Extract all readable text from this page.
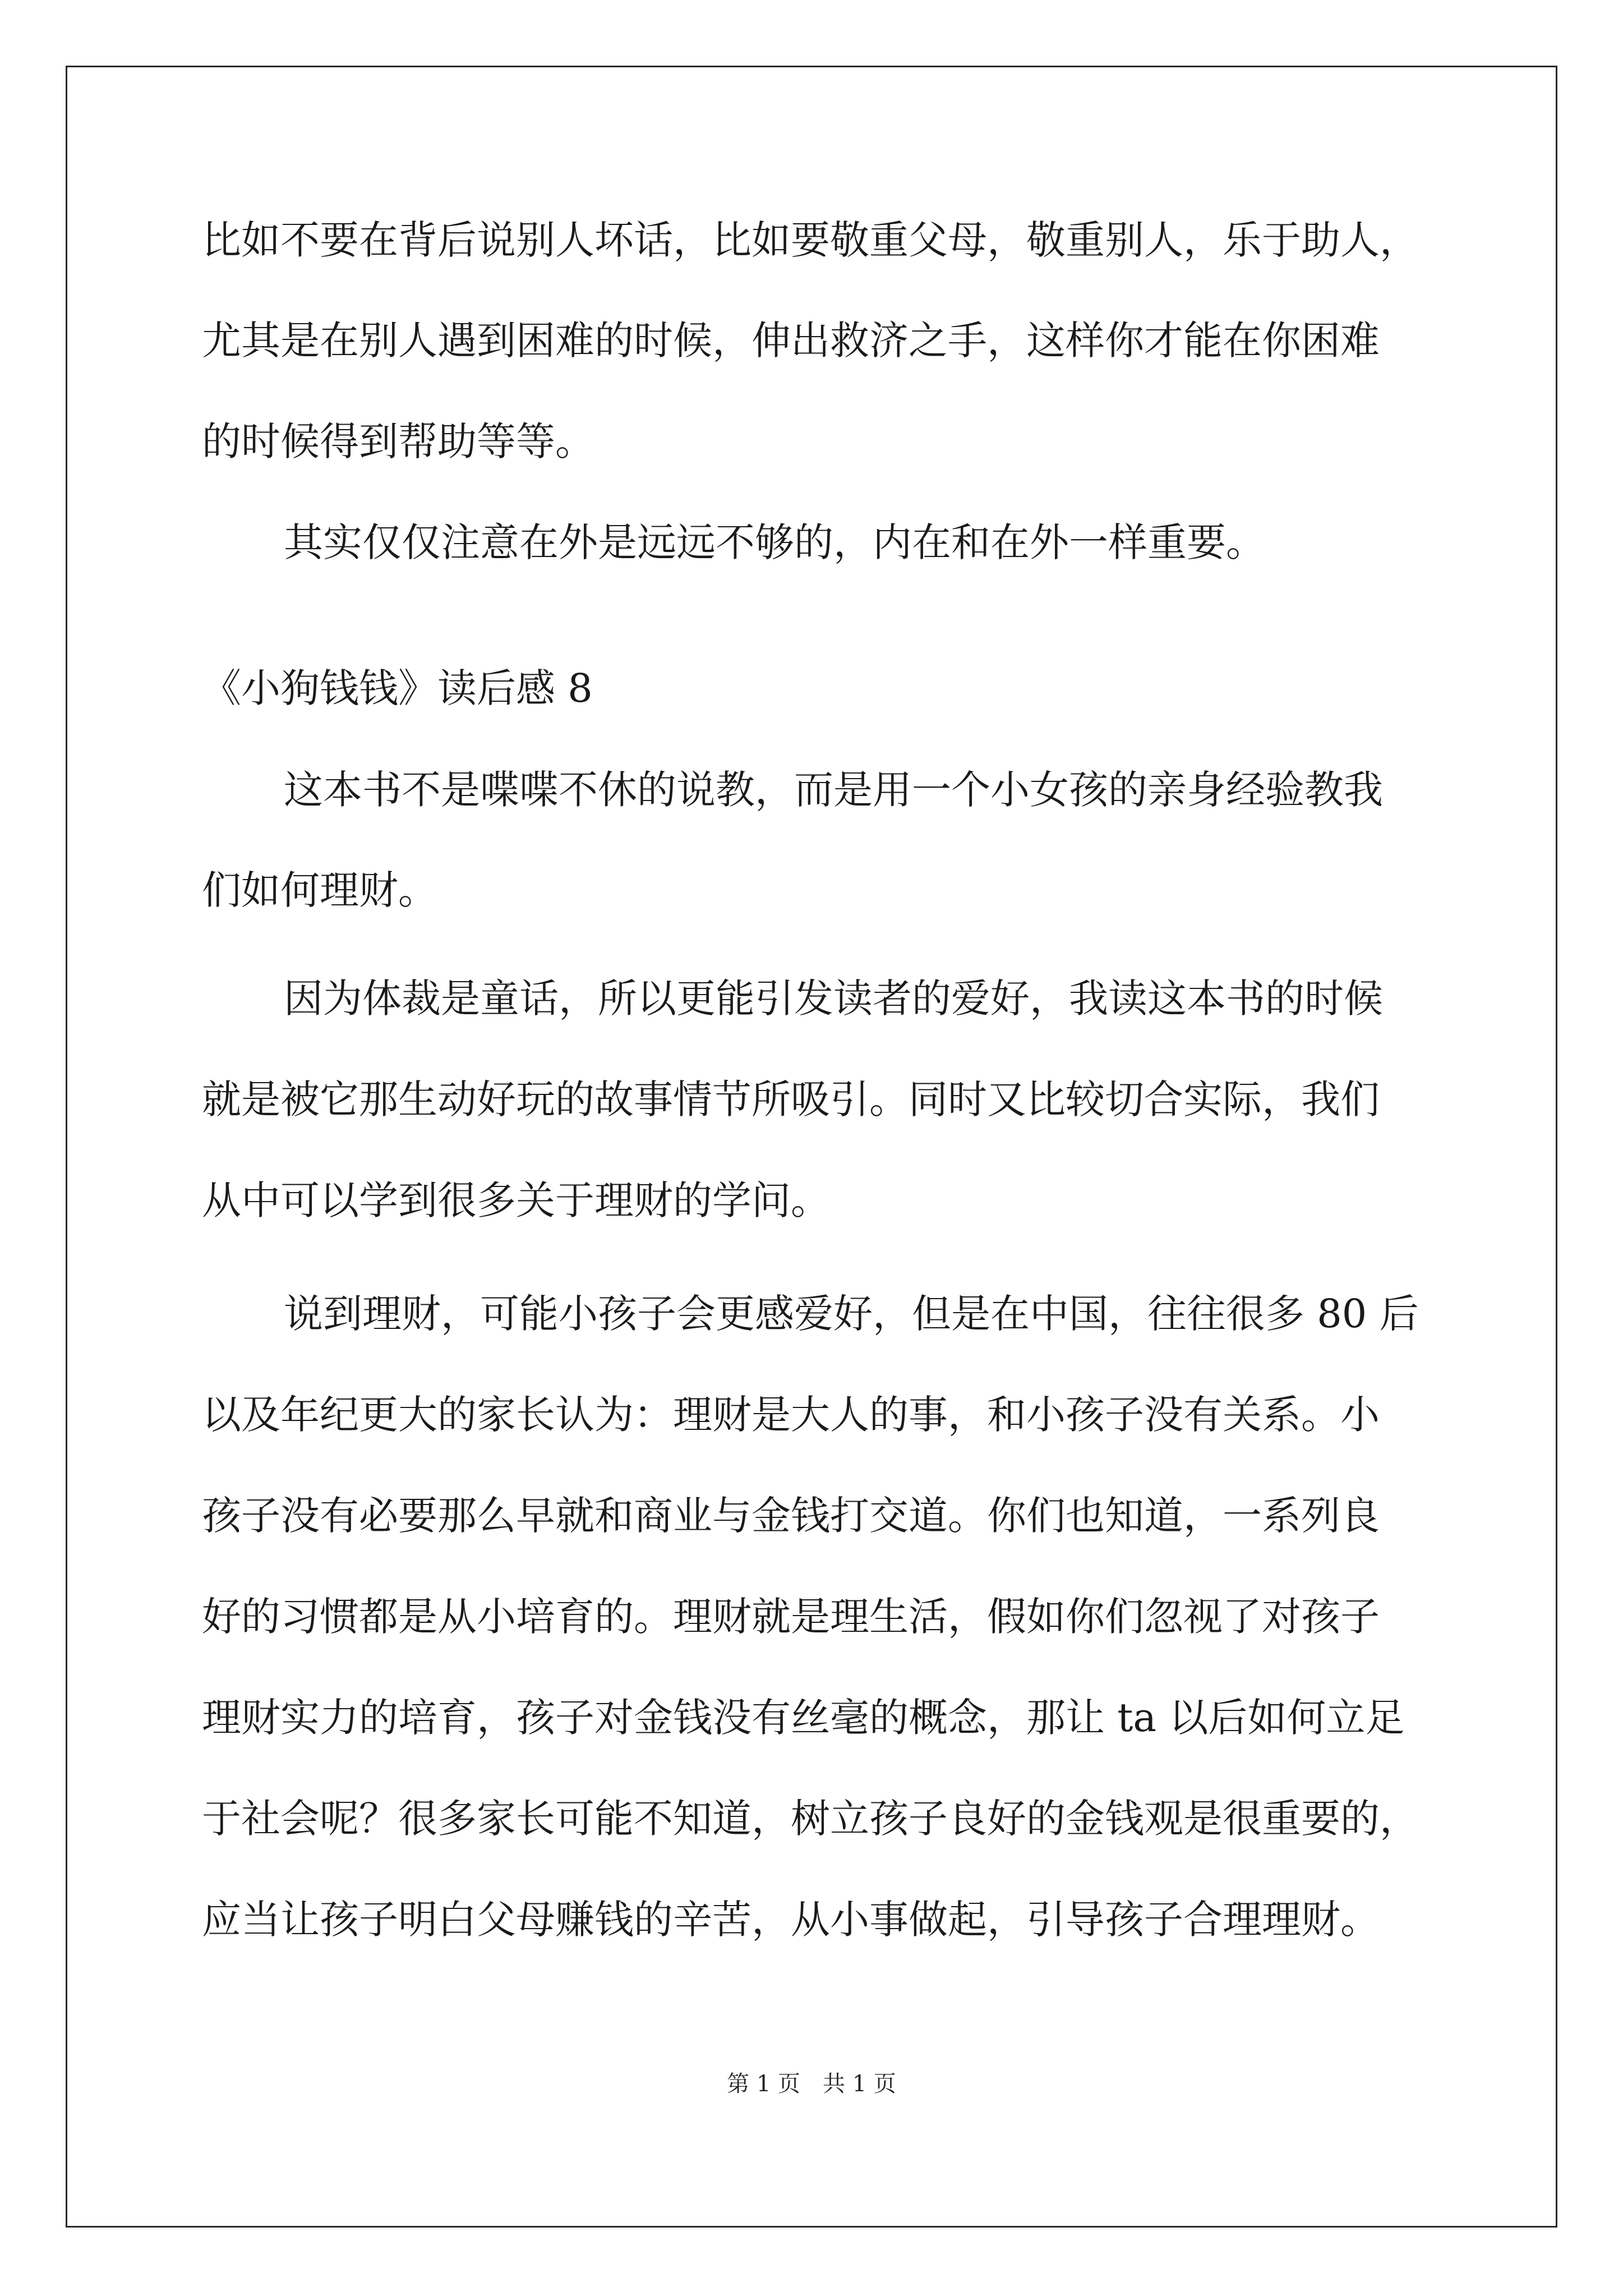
比如不要在背后说别人坏话，比如要敬重父母，敬重别人，乐于助人，
尤其是在别人遇到困难的时候，伸出救济之手，这样你才能在你困难
的时候得到帮助等等。
其实仅仅注意在外是远远不够的，内在和在外一样重要。
《小狗钱钱》读后感 8
这本书不是喋喋不休的说教，而是用一个小女孩的亲身经验教我
们如何理财。
因为体裁是童话，所以更能引发读者的爱好，我读这本书的时候
就是被它那生动好玩的故事情节所吸引。同时又比较切合实际，我们
从中可以学到很多关于理财的学问。
说到理财，可能小孩子会更感爱好，但是在中国，往往很多 80 后
以及年纪更大的家长认为：理财是大人的事，和小孩子没有关系。小
孩子没有必要那么早就和商业与金钱打交道。你们也知道，一系列良
好的习惯都是从小培育的。理财就是理生活，假如你们忽视了对孩子
理财实力的培育，孩子对金钱没有丝毫的概念，那让 ta 以后如何立足
于社会呢？很多家长可能不知道，树立孩子良好的金钱观是很重要的，
应当让孩子明白父母赚钱的辛苦，从小事做起，引导孩子合理理财。
第 1 页　共 1 页
